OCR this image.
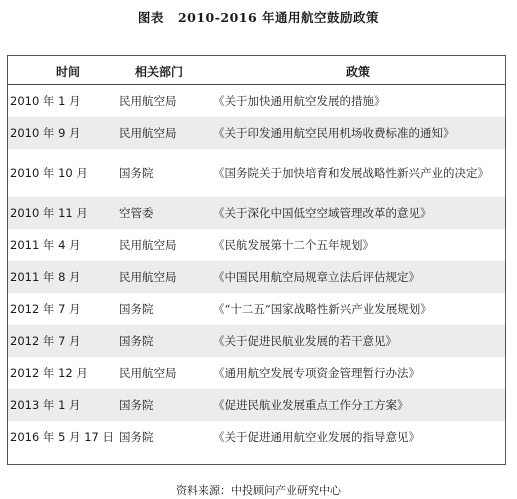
图表 2010-2016 年通用航空鼓励政策
时间	相关部门	政策
2010 年 1 月	民用航空局	《关于加快通用航空发展的措施》
2010 年 9 月	民用航空局	《关于印发通用航空民用机场收费标准的通知》
2010 年 10 月	国务院	《国务院关于加快培育和发展战略性新兴产业的决定》
2010 年 11 月	空管委	《关于深化中国低空空域管理改革的意见》
2011 年 4 月	民用航空局	《民航发展第十二个五年规划》
2011 年 8 月	民用航空局	《中国民用航空局规章立法后评估规定》
2012 年 7 月	国务院	《“十二五”国家战略性新兴产业发展规划》
2012 年 7 月	国务院	《关于促进民航业发展的若干意见》
2012 年 12 月	民用航空局	《通用航空发展专项资金管理暂行办法》
2013 年 1 月	国务院	《促进民航业发展重点工作分工方案》
2016 年 5 月 17 日 国务院	《关于促进通用航空业发展的指导意见》
资料来源：中投顾问产业研究中心
